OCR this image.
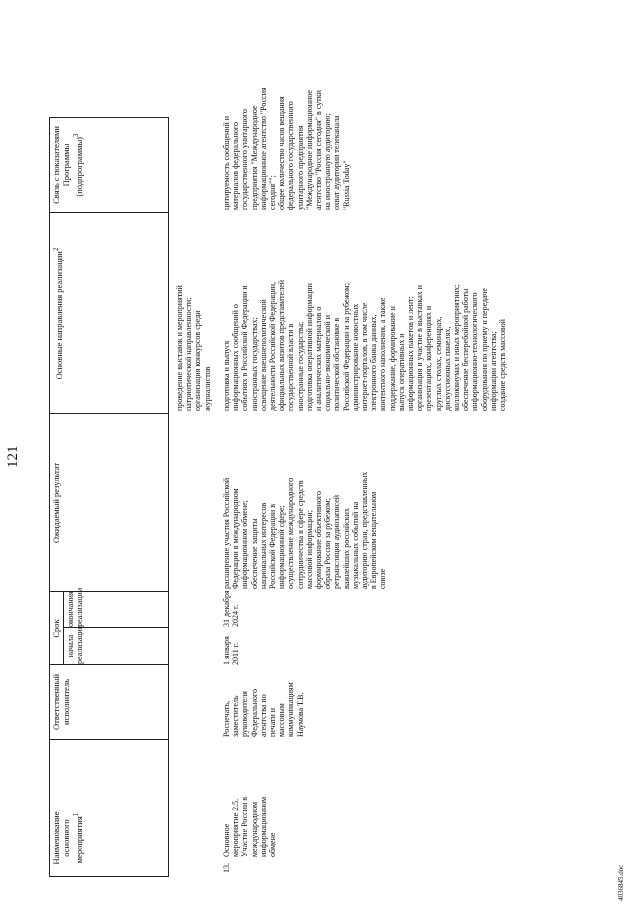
121
Наименование основного мероприятия$^1$
Ответственный исполнитель
Срок
начала реализации
окончания реализации
Ожидаемый результат
Основные направления реализации$^2$
Связь с показателями Программы (подпрограммы)$^3$
проведение выставок и мероприятий
патриотической направленности;
организация конкурсов среди
журналистов
13.
Основное
мероприятие 2.5.
Участие России в
международном
информационном
обмене
Роспечать,
заместитель
руководителя
Федерального
агентства по
печати и
массовым
коммуникациям
Наумова Т.В.
1 января
2011 г.
31 декабря
2024 г.
расширение участия Российской
Федерации в международном
информационном обмене;
обеспечение защиты
национальных интересов
Российской Федерации в
информационной сфере;
осуществление международного
сотрудничества в сфере средств
массовой информации;
формирование объективного
образа России за рубежом;
ретрансляция аудиозаписей
важнейших российских
музыкальных событий на
аудиторию стран, представленных
в Европейском вещательном
союзе
подготовка и выпуск
информационных сообщений о
событиях в Российской Федерации и
иностранных государствах;
освещение внешнеполитической
деятельности Российской Федерации,
официальных визитов представителей
государственной власти в
иностранные государства;
подготовка оперативной информации
и аналитических материалов о
социально-экономической и
политической обстановке в
Российской Федерации и за рубежом;
администрирование новостных
интернет-порталов, в том числе
электронного банка данных,
контентного наполнения, а также
поддержание, формирование и
выпуск оперативных и
информационных пакетов и лент;
организация и участие в выставках и
презентациях, конференциях и
круглых столах, семинарах,
дискуссионных панелях,
коллоквиумах и иных мероприятиях;
обеспечение бесперебойной работы
информационно-технологического
оборудования по приему и передаче
информации агентства;
создание средств массовой
цитируемость сообщений и
материалов федерального
государственного унитарного
предприятия "Международное
информационное агентство "Россия
сегодня"";
общее количество часов вещания
федерального государственного
унитарного предприятия
"Международное информационное
агентство "Россия сегодня" в сутки
на иностранную аудиторию;
охват аудитории телеканала
"Russia Today"
4036845.doc
